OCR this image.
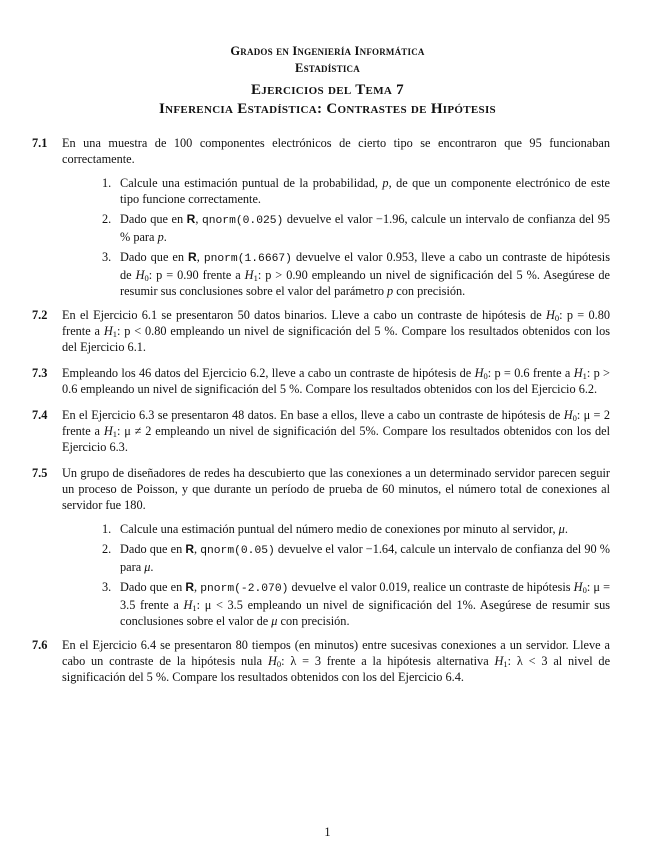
Grados en Ingeniería Informática
Estadística
Ejercicios del Tema 7
Inferencia Estadística: Contrastes de Hipótesis
7.1 En una muestra de 100 componentes electrónicos de cierto tipo se encontraron que 95 funcionaban correctamente.
1. Calcule una estimación puntual de la probabilidad, p, de que un componente electrónico de este tipo funcione correctamente.
2. Dado que en R, qnorm(0.025) devuelve el valor −1.96, calcule un intervalo de confianza del 95 % para p.
3. Dado que en R, pnorm(1.6667) devuelve el valor 0.953, lleve a cabo un contraste de hipótesis de $H_0$: p = 0.90 frente a $H_1$: p > 0.90 empleando un nivel de significación del 5 %. Asegúrese de resumir sus conclusiones sobre el valor del parámetro p con precisión.
7.2 En el Ejercicio 6.1 se presentaron 50 datos binarios. Lleve a cabo un contraste de hipótesis de $H_0$: p = 0.80 frente a $H_1$: p < 0.80 empleando un nivel de significación del 5 %. Compare los resultados obtenidos con los del Ejercicio 6.1.
7.3 Empleando los 46 datos del Ejercicio 6.2, lleve a cabo un contraste de hipótesis de $H_0$: p = 0.6 frente a $H_1$: p > 0.6 empleando un nivel de significación del 5 %. Compare los resultados obtenidos con los del Ejercicio 6.2.
7.4 En el Ejercicio 6.3 se presentaron 48 datos. En base a ellos, lleve a cabo un contraste de hipótesis de $H_0$: μ = 2 frente a $H_1$: μ ≠ 2 empleando un nivel de significación del 5%. Compare los resultados obtenidos con los del Ejercicio 6.3.
7.5 Un grupo de diseñadores de redes ha descubierto que las conexiones a un determinado servidor parecen seguir un proceso de Poisson, y que durante un período de prueba de 60 minutos, el número total de conexiones al servidor fue 180.
1. Calcule una estimación puntual del número medio de conexiones por minuto al servidor, μ.
2. Dado que en R, qnorm(0.05) devuelve el valor −1.64, calcule un intervalo de confianza del 90 % para μ.
3. Dado que en R, pnorm(-2.070) devuelve el valor 0.019, realice un contraste de hipótesis $H_0$: μ = 3.5 frente a $H_1$: μ < 3.5 empleando un nivel de significación del 1%. Asegúrese de resumir sus conclusiones sobre el valor de μ con precisión.
7.6 En el Ejercicio 6.4 se presentaron 80 tiempos (en minutos) entre sucesivas conexiones a un servidor. Lleve a cabo un contraste de la hipótesis nula $H_0$: λ = 3 frente a la hipótesis alternativa $H_1$: λ < 3 al nivel de significación del 5 %. Compare los resultados obtenidos con los del Ejercicio 6.4.
1
